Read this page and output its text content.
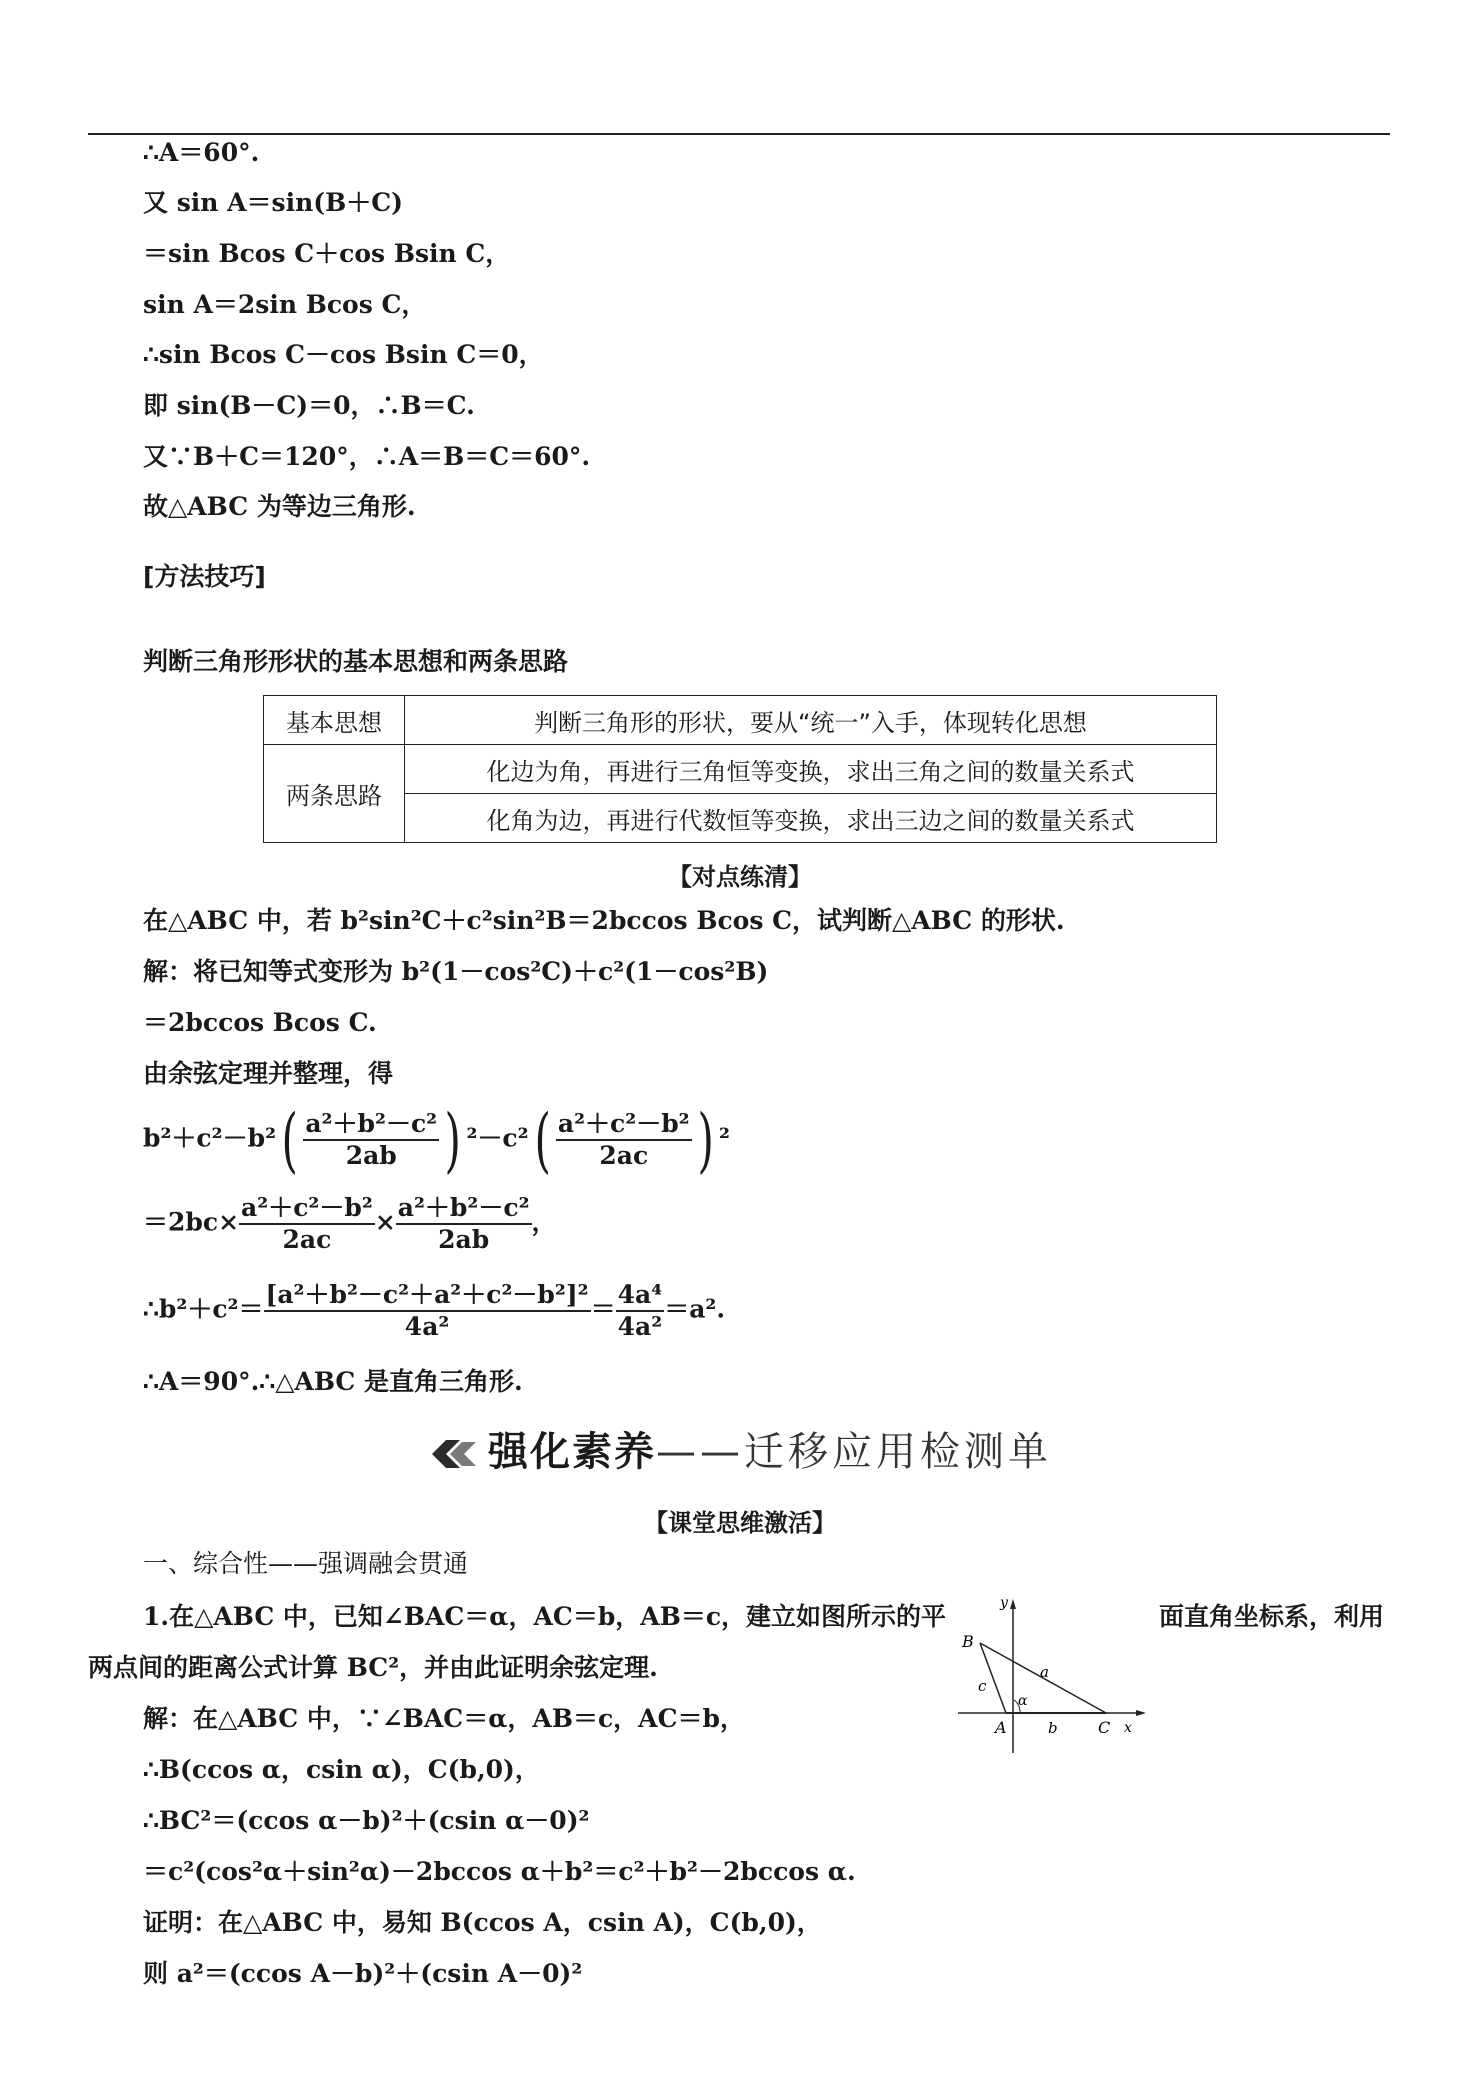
∴A＝60°.
又 sin A＝sin(B＋C)
＝sin Bcos C＋cos Bsin C，
sin A＝2sin Bcos C，
∴sin Bcos C－cos Bsin C＝0，
即 sin(B－C)＝0，∴B＝C.
又∵B＋C＝120°，∴A＝B＝C＝60°.
故△ABC 为等边三角形.
[方法技巧]
判断三角形形状的基本思想和两条思路
基本思想	判断三角形的形状，要从“统一”入手，体现转化思想
两条思路	化边为角，再进行三角恒等变换，求出三角之间的数量关系式
	化角为边，再进行代数恒等变换，求出三边之间的数量关系式
【对点练清】
在△ABC 中，若 b²sin²C＋c²sin²B＝2bccos Bcos C，试判断△ABC 的形状.
解：将已知等式变形为 b²(1－cos²C)＋c²(1－cos²B)
＝2bccos Bcos C.
由余弦定理并整理，得
$b^2+c^2-b^2( \frac{\text{a²＋b²－c²}}{2ab}$ ) $^2-c^2( \frac{\text{a²＋c²－b²}}{2ac}$ ) ²
$=2bc\times \frac{\text{a²＋c²－b²}}{2ac} \times \frac{\text{a²＋b²－c²}}{2ab}$ ，
∴b²＋c²＝ $\frac{\text{[a²＋b²－c²＋a²＋c²－b²]²}}{\text{4a²}} = \frac{\text{4a⁴}}{\text{4a²}} =a^2$.
∴A＝90°.∴△ABC 是直角三角形.
强化素养——迁移应用检测单
【课堂思维激活】
一、综合性——强调融会贯通
1.在△ABC 中，已知∠BAC＝α，AC＝b，AB＝c，建立如图所示的平	面直角坐标系，利用
两点间的距离公式计算 BC²，并由此证明余弦定理.
解：在△ABC 中，∵∠BAC＝α，AB＝c，AC＝b，
∴B(ccos α，csin α)，C(b,0)，
∴BC²＝(ccos α－b)²＋(csin α－0)²
＝c²(cos²α＋sin²α)－2bccos α＋b²＝c²＋b²－2bccos α.
证明：在△ABC 中，易知 B(ccos A，csin A)，C(b,0)，
则 a²＝(ccos A－b)²＋(csin A－0)²
y
x
B
A	C
a
b
c
α
